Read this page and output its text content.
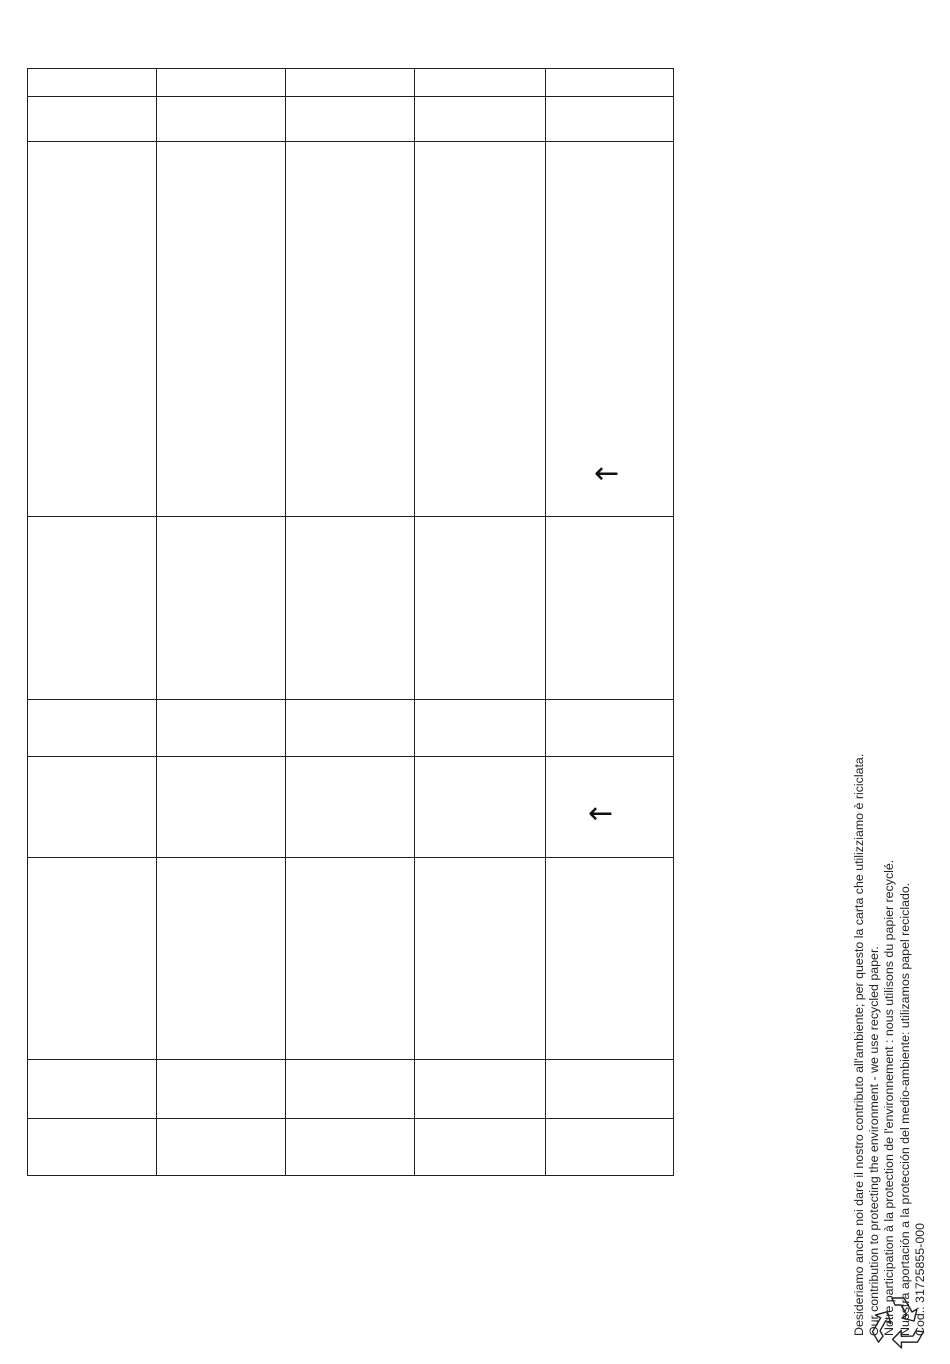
←
←	Desideriamo anche noi dare il nostro contributo all'ambiente; per questo la carta che utilizziamo è riciclata. Our contribution to protecting the environment - we use recycled paper. Notre participation à la protection de l'environnement : nous utilisons du papier recyclé. Nuestra aportación a la protección del medio-ambiente: utilizamos papel reciclado. Cod.: 31725855-000
